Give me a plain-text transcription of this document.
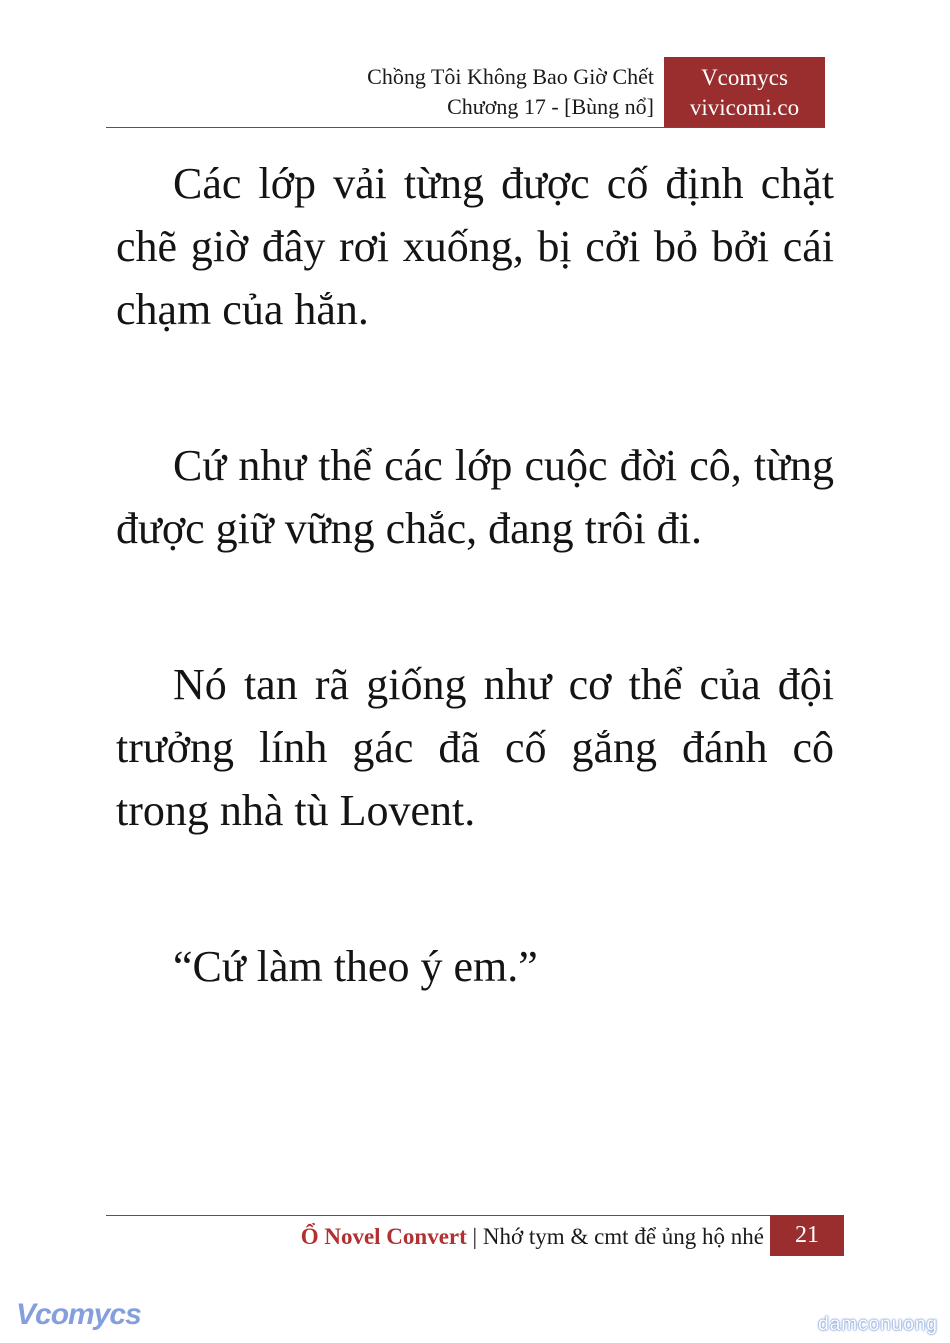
Chồng Tôi Không Bao Giờ Chết
Chương 17 - [Bùng nổ]
Vcomycs
vivicomi.co

Các lớp vải từng được cố định chặt chẽ giờ đây rơi xuống, bị cởi bỏ bởi cái chạm của hắn.

Cứ như thể các lớp cuộc đời cô, từng được giữ vững chắc, đang trôi đi.

Nó tan rã giống như cơ thể của đội trưởng lính gác đã cố gắng đánh cô trong nhà tù Lovent.

“Cứ làm theo ý em.”

Ổ Novel Convert | Nhớ tym & cmt để ủng hộ nhé	21
Vcomycs	damconuong
